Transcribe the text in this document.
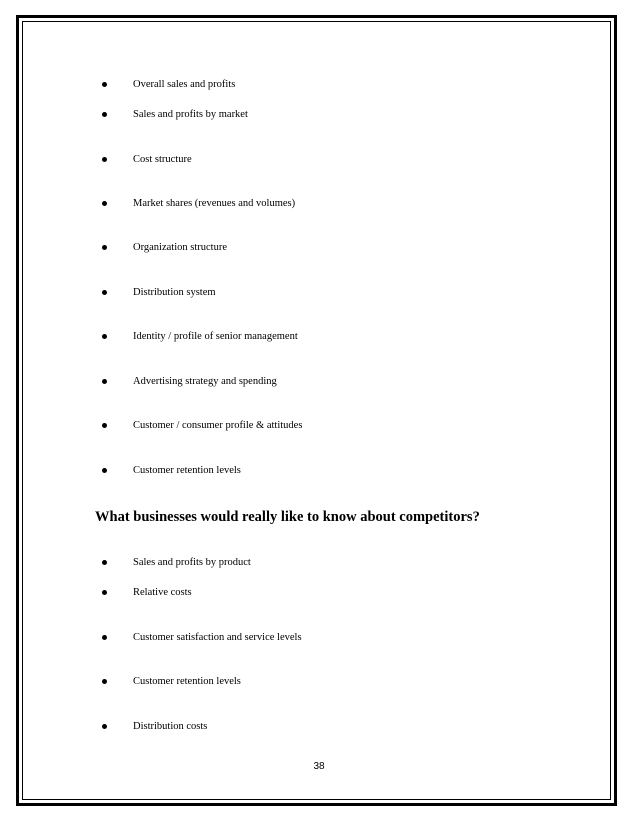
Overall sales and profits
Sales and profits by market
Cost structure
Market shares (revenues and volumes)
Organization structure
Distribution system
Identity / profile of senior management
Advertising strategy and spending
Customer / consumer profile & attitudes
Customer retention levels
What businesses would really like to know about competitors?
Sales and profits by product
Relative costs
Customer satisfaction and service levels
Customer retention levels
Distribution costs
38
